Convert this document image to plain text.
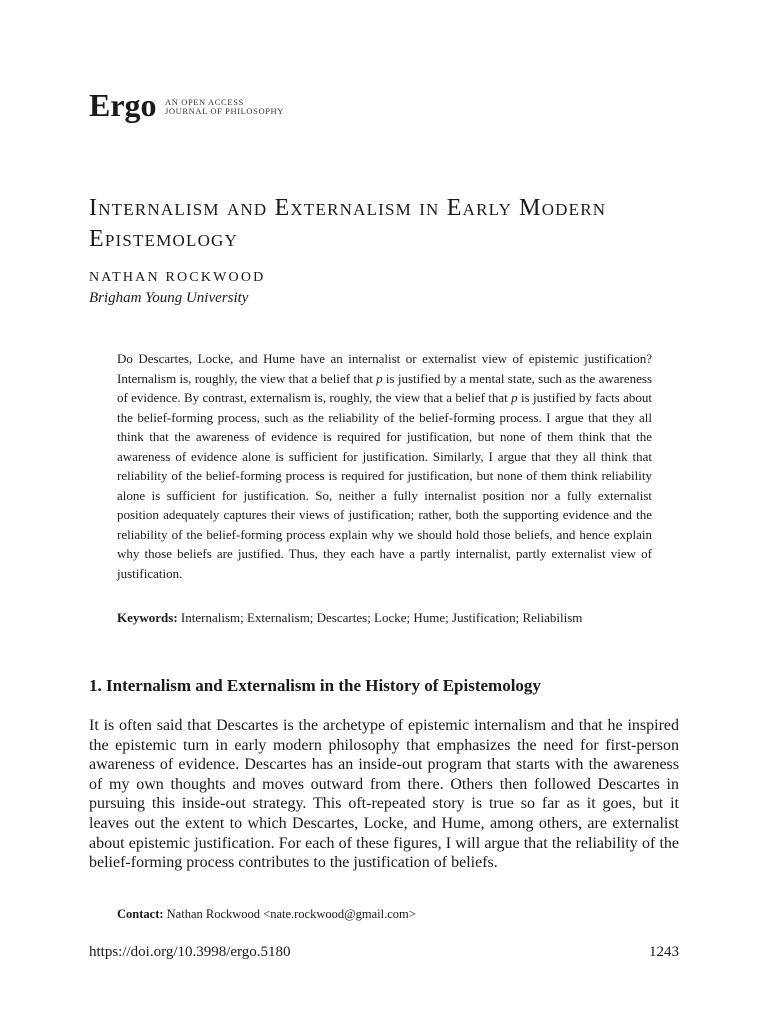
Ergo AN OPEN ACCESS
JOURNAL OF PHILOSOPHY
Internalism and Externalism in Early Modern Epistemology
NATHAN ROCKWOOD
Brigham Young University
Do Descartes, Locke, and Hume have an internalist or externalist view of epistemic justification? Internalism is, roughly, the view that a belief that p is justified by a mental state, such as the awareness of evidence. By contrast, externalism is, roughly, the view that a belief that p is justified by facts about the belief-forming process, such as the reliability of the belief-forming process. I argue that they all think that the awareness of evidence is required for justification, but none of them think that the awareness of evidence alone is sufficient for justification. Similarly, I argue that they all think that reliability of the belief-forming process is required for justification, but none of them think reliability alone is sufficient for justification. So, neither a fully internalist position nor a fully externalist position adequately captures their views of justification; rather, both the supporting evidence and the reliability of the belief-forming process explain why we should hold those beliefs, and hence explain why those beliefs are justified. Thus, they each have a partly internalist, partly externalist view of justification.
Keywords: Internalism; Externalism; Descartes; Locke; Hume; Justification; Reliabilism
1. Internalism and Externalism in the History of Epistemology
It is often said that Descartes is the archetype of epistemic internalism and that he inspired the epistemic turn in early modern philosophy that emphasizes the need for first-person awareness of evidence. Descartes has an inside-out program that starts with the awareness of my own thoughts and moves outward from there. Others then followed Descartes in pursuing this inside-out strategy. This oft-repeated story is true so far as it goes, but it leaves out the extent to which Descartes, Locke, and Hume, among others, are externalist about epistemic justification. For each of these figures, I will argue that the reliability of the belief-forming process contributes to the justification of beliefs.
Contact: Nathan Rockwood <nate.rockwood@gmail.com>
https://doi.org/10.3998/ergo.5180	1243
